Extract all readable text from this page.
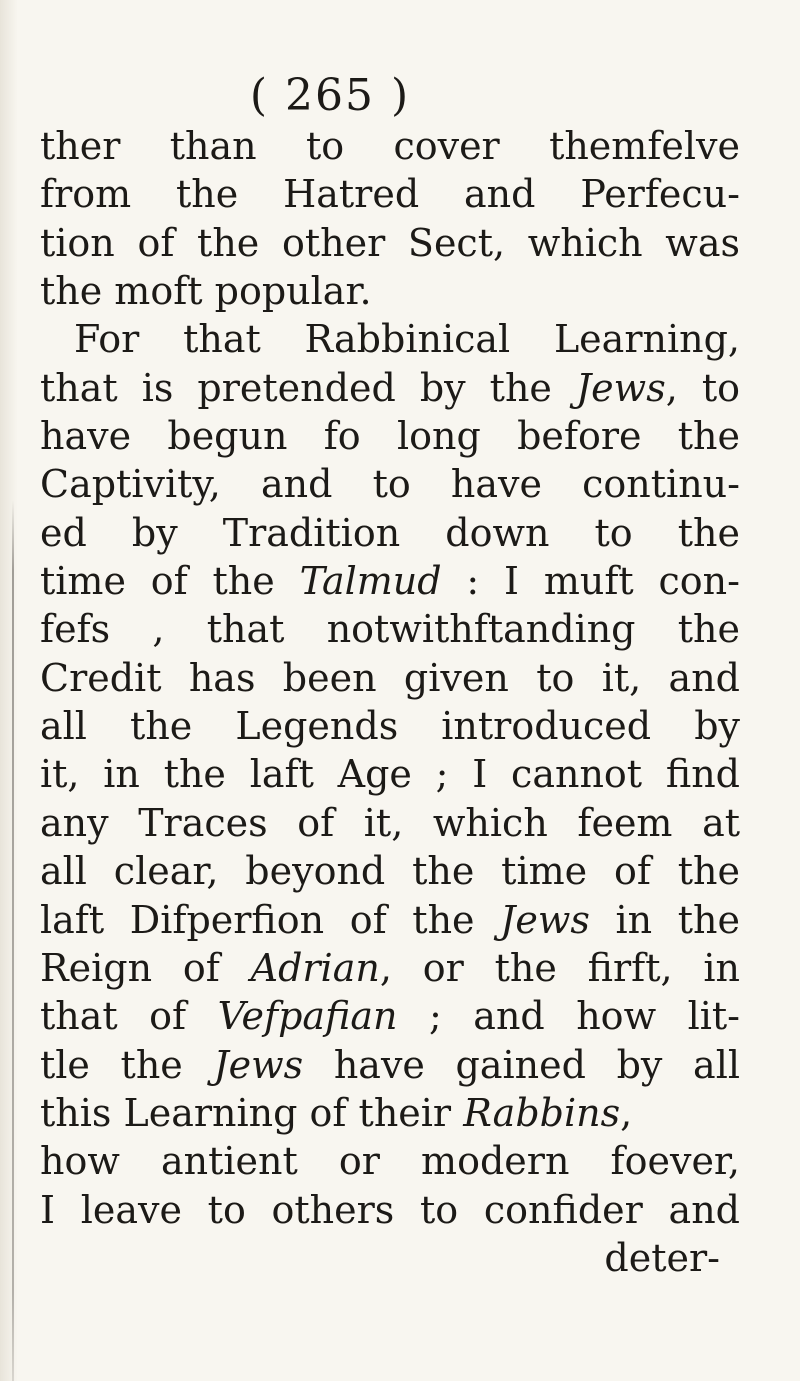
( 265 )
ther than to cover themfelve
from the Hatred and Perfecu-
tion of the other Sect, which was
the moft popular.
For that Rabbinical Learning,
that is pretended by the Jews, to
have begun fo long before the
Captivity, and to have continu-
ed by Tradition down to the
time of the Talmud : I muft con-
fefs , that notwithftanding the
Credit has been given to it, and
all the Legends introduced by
it, in the laft Age ; I cannot find
any Traces of it, which feem at
all clear, beyond the time of the
laft Difperfion of the Jews in the
Reign of Adrian, or the firft, in
that of Vefpafian ; and how lit-
tle the Jews have gained by all
this Learning of their Rabbins,
how antient or modern foever,
I leave to others to confider and
deter-
